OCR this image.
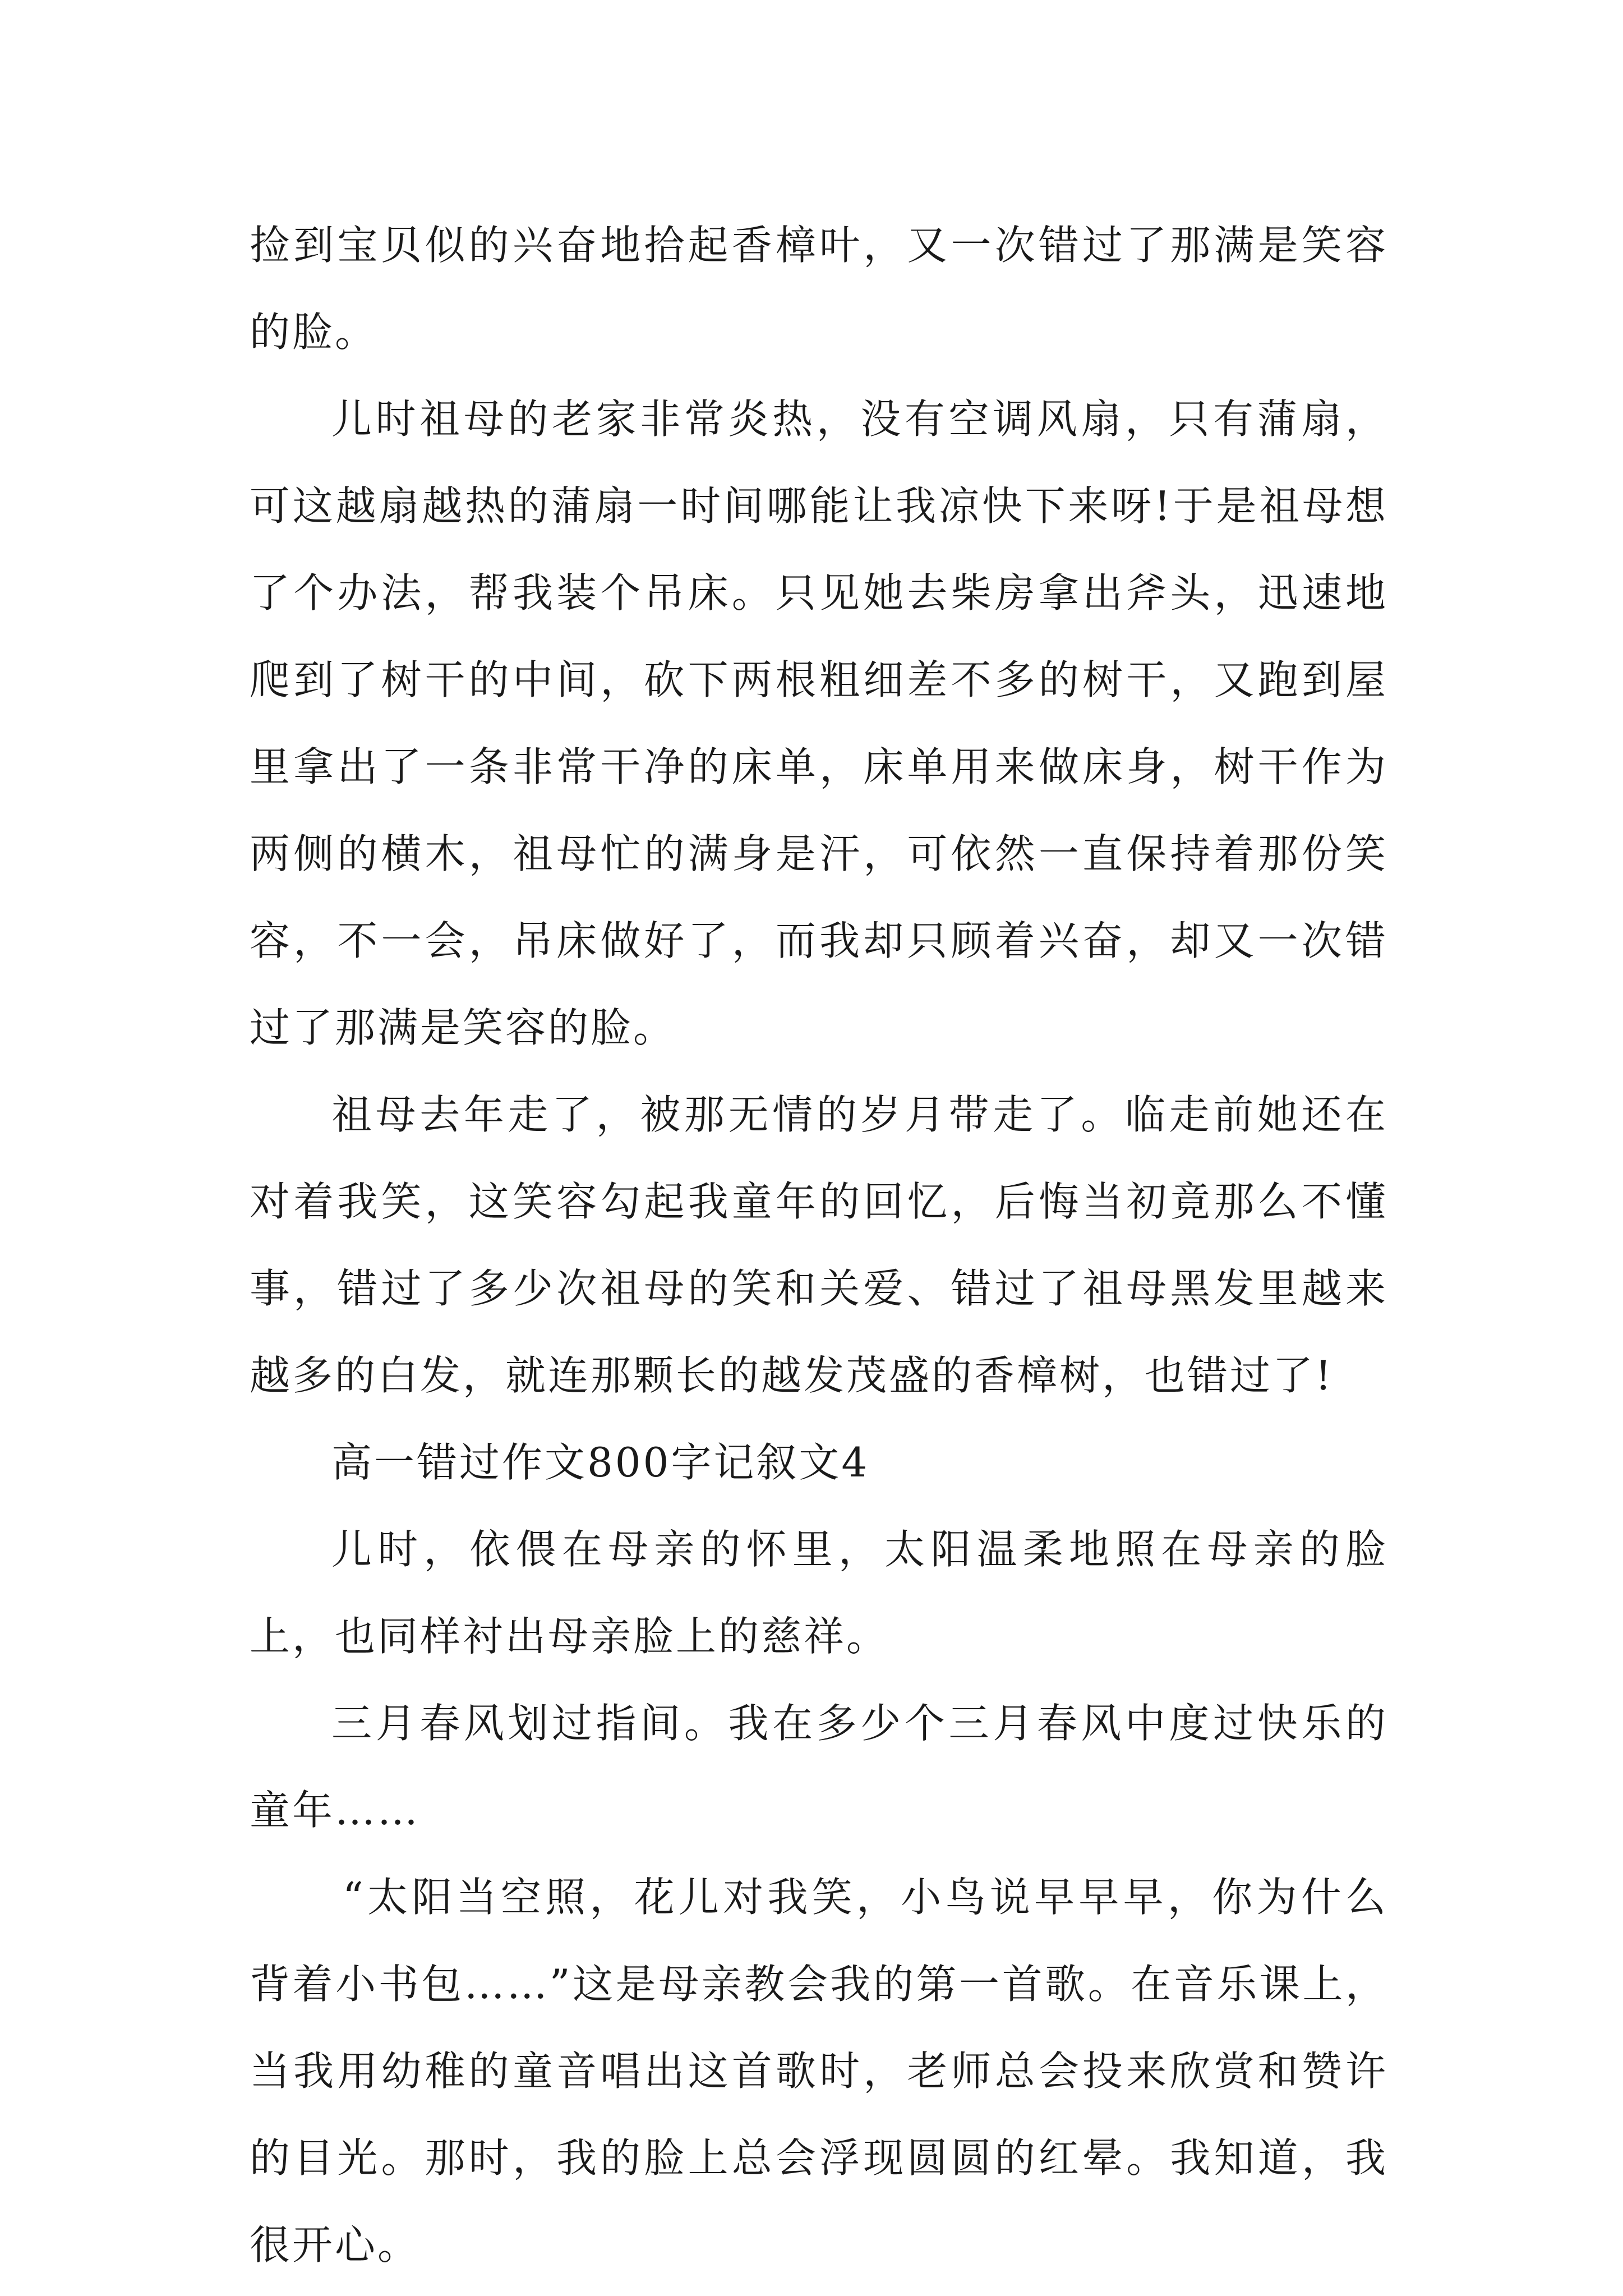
捡到宝贝似的兴奋地拾起香樟叶，又一次错过了那满是笑容的脸。

儿时祖母的老家非常炎热，没有空调风扇，只有蒲扇，可这越扇越热的蒲扇一时间哪能让我凉快下来呀!于是祖母想了个办法，帮我装个吊床。只见她去柴房拿出斧头，迅速地爬到了树干的中间，砍下两根粗细差不多的树干，又跑到屋里拿出了一条非常干净的床单，床单用来做床身，树干作为两侧的横木，祖母忙的满身是汗，可依然一直保持着那份笑容，不一会，吊床做好了，而我却只顾着兴奋，却又一次错过了那满是笑容的脸。

祖母去年走了，被那无情的岁月带走了。临走前她还在对着我笑，这笑容勾起我童年的回忆，后悔当初竟那么不懂事，错过了多少次祖母的笑和关爱、错过了祖母黑发里越来越多的白发，就连那颗长的越发茂盛的香樟树，也错过了!

高一错过作文800字记叙文4

儿时，依偎在母亲的怀里，太阳温柔地照在母亲的脸上，也同样衬出母亲脸上的慈祥。

三月春风划过指间。我在多少个三月春风中度过快乐的童年……

“太阳当空照，花儿对我笑，小鸟说早早早，你为什么背着小书包……”这是母亲教会我的第一首歌。在音乐课上，当我用幼稚的童音唱出这首歌时，老师总会投来欣赏和赞许的目光。那时，我的脸上总会浮现圆圆的红晕。我知道，我很开心。
